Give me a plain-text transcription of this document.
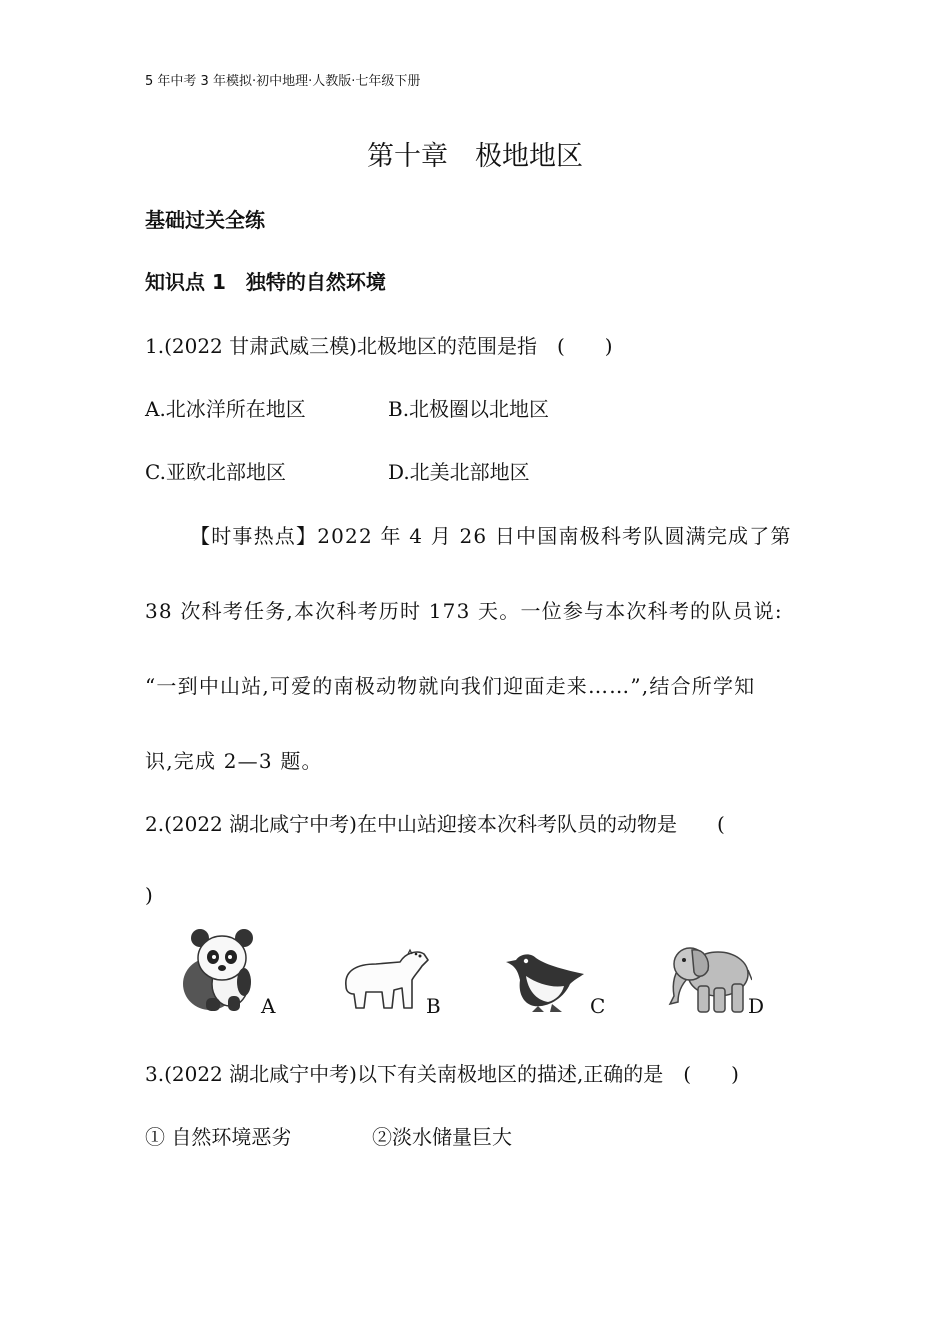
5 年中考 3 年模拟·初中地理·人教版·七年级下册
第十章　极地地区
基础过关全练
知识点 1　独特的自然环境
1.(2022 甘肃武威三模)北极地区的范围是指　(　　)
A.北冰洋所在地区	B.北极圈以北地区
C.亚欧北部地区	D.北美北部地区
【时事热点】2022 年 4 月 26 日中国南极科考队圆满完成了第
38 次科考任务,本次科考历时 173 天。一位参与本次科考的队员说:
“一到中山站,可爱的南极动物就向我们迎面走来……”,结合所学知
识,完成 2—3 题。
2.(2022 湖北咸宁中考)在中山站迎接本次科考队员的动物是　　(
)
A	B	C	D
3.(2022 湖北咸宁中考)以下有关南极地区的描述,正确的是　(　　)
① 自然环境恶劣	②淡水储量巨大
